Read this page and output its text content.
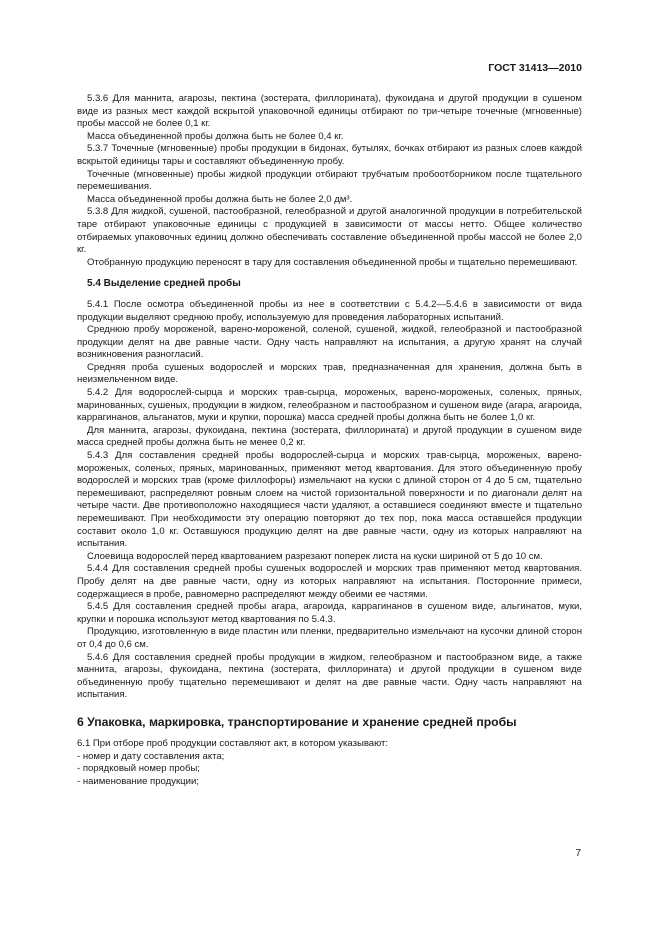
ГОСТ 31413—2010

5.3.6 Для маннита, агарозы, пектина (зостерата, филлорината), фукоидана и другой продукции в сушеном виде из разных мест каждой вскрытой упаковочной единицы отбирают по три-четыре точечные (мгновенные) пробы массой не более 0,1 кг.

Масса объединенной пробы должна быть не более 0,4 кг.

5.3.7 Точечные (мгновенные) пробы продукции в бидонах, бутылях, бочках отбирают из разных слоев каждой вскрытой единицы тары и составляют объединенную пробу.

Точечные (мгновенные) пробы жидкой продукции отбирают трубчатым пробоотборником после тщательного перемешивания.

Масса объединенной пробы должна быть не более 2,0 дм³.

5.3.8 Для жидкой, сушеной, пастообразной, гелеобразной и другой аналогичной продукции в потребительской таре отбирают упаковочные единицы с продукцией в зависимости от массы нетто. Общее количество отбираемых упаковочных единиц должно обеспечивать составление объединенной пробы массой не более 2,0 кг.

Отобранную продукцию переносят в тару для составления объединенной пробы и тщательно перемешивают.

5.4 Выделение средней пробы

5.4.1 После осмотра объединенной пробы из нее в соответствии с 5.4.2—5.4.6 в зависимости от вида продукции выделяют среднюю пробу, используемую для проведения лабораторных испытаний.

Среднюю пробу мороженой, варено-мороженой, соленой, сушеной, жидкой, гелеобразной и пастообразной продукции делят на две равные части. Одну часть направляют на испытания, а другую хранят на случай возникновения разногласий.

Средняя проба сушеных водорослей и морских трав, предназначенная для хранения, должна быть в неизмельченном виде.

5.4.2 Для водорослей-сырца и морских трав-сырца, мороженых, варено-мороженых, соленых, пряных, маринованных, сушеных, продукции в жидком, гелеобразном и пастообразном и сушеном виде (агара, агароида, каррагинанов, альганатов, муки и крупки, порошка) масса средней пробы должна быть не более 1,0 кг.

Для маннита, агарозы, фукоидана, пектина (зостерата, филлорината) и другой продукции в сушеном виде масса средней пробы должна быть не менее 0,2 кг.

5.4.3 Для составления средней пробы водорослей-сырца и морских трав-сырца, мороженых, варено-мороженых, соленых, пряных, маринованных, применяют метод квартования. Для этого объединенную пробу водорослей и морских трав (кроме филлофоры) измельчают на куски с длиной сторон от 4 до 5 см, тщательно перемешивают, распределяют ровным слоем на чистой горизонтальной поверхности и по диагонали делят на четыре части. Две противоположно находящиеся части удаляют, а оставшиеся соединяют вместе и тщательно перемешивают. При необходимости эту операцию повторяют до тех пор, пока масса оставшейся продукции составит около 1,0 кг. Оставшуюся продукцию делят на две равные части, одну из которых направляют на испытания.

Слоевища водорослей перед квартованием разрезают поперек листа на куски шириной от 5 до 10 см.

5.4.4 Для составления средней пробы сушеных водорослей и морских трав применяют метод квартования. Пробу делят на две равные части, одну из которых направляют на испытания. Посторонние примеси, содержащиеся в пробе, равномерно распределяют между обеими ее частями.

5.4.5 Для составления средней пробы агара, агароида, каррагинанов в сушеном виде, альгинатов, муки, крупки и порошка используют метод квартования по 5.4.3.

Продукцию, изготовленную в виде пластин или пленки, предварительно измельчают на кусочки длиной сторон от 0,4 до 0,6 см.

5.4.6 Для составления средней пробы продукции в жидком, гелеобразном и пастообразном виде, а также маннита, агарозы, фукоидана, пектина (зостерата, филлорината) и другой продукции в сушеном виде объединенную пробу тщательно перемешивают и делят на две равные части. Одну часть направляют на испытания.

6 Упаковка, маркировка, транспортирование и хранение средней пробы

6.1 При отборе проб продукции составляют акт, в котором указывают:

- номер и дату составления акта;

- порядковый номер пробы;

- наименование продукции;

7
